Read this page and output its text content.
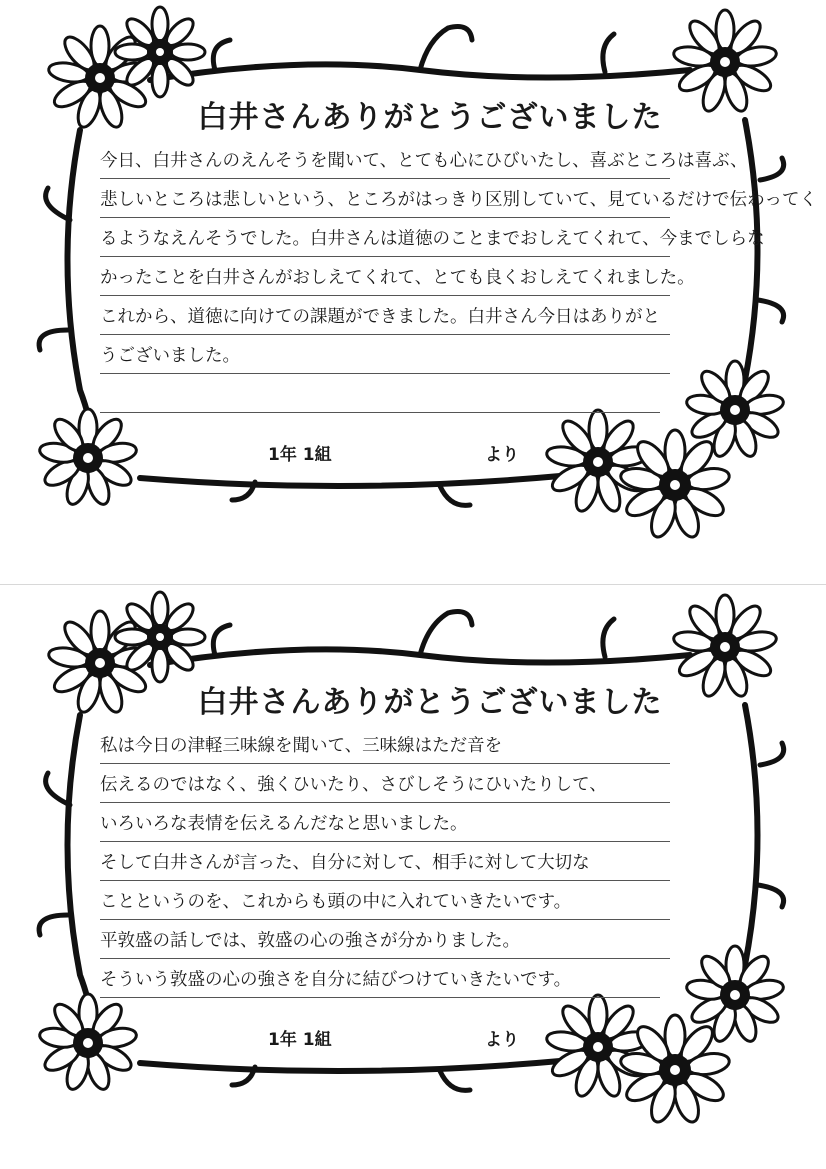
白井さんありがとうございました
今日、白井さんのえんそうを聞いて、とても心にひびいたし、喜ぶところは喜ぶ、
悲しいところは悲しいという、ところがはっきり区別していて、見ているだけで伝わってく
るようなえんそうでした。白井さんは道徳のことまでおしえてくれて、今までしらな
かったことを白井さんがおしえてくれて、とても良くおしえてくれました。
これから、道徳に向けての課題ができました。白井さん今日はありがと
うございました。
1年 1組	より
白井さんありがとうございました
私は今日の津軽三味線を聞いて、三味線はただ音を
伝えるのではなく、強くひいたり、さびしそうにひいたりして、
いろいろな表情を伝えるんだなと思いました。
そして白井さんが言った、自分に対して、相手に対して大切な
ことというのを、これからも頭の中に入れていきたいです。
平敦盛の話しでは、敦盛の心の強さが分かりました。
そういう敦盛の心の強さを自分に結びつけていきたいです。
1年 1組	より
